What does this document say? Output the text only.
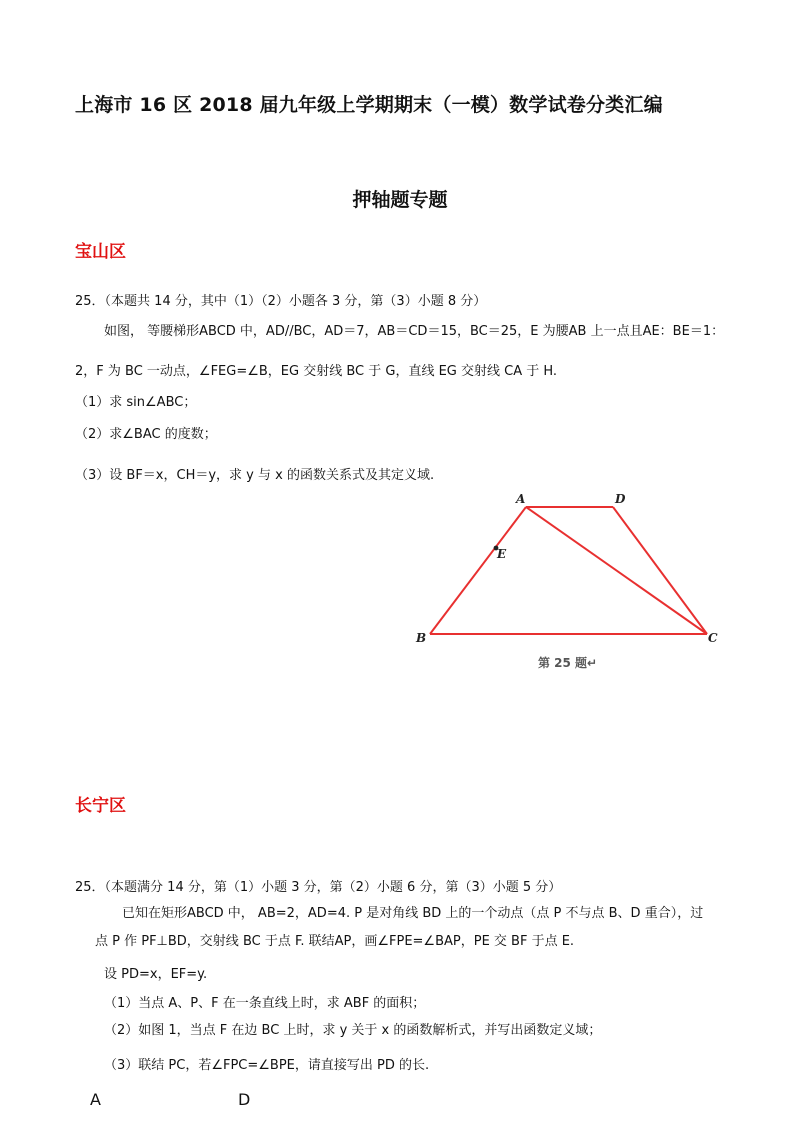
上海市 16 区 2018 届九年级上学期期末（一模）数学试卷分类汇编
押轴题专题
宝山区
25．（本题共 14 分，其中（1）（2）小题各 3 分，第（3）小题 8 分）
如图， 等腰梯形ABCD 中，AD//BC，AD＝7，AB＝CD＝15，BC＝25，E 为腰AB 上一点且AE：BE＝1：
2，F 为 BC 一动点，∠FEG=∠B，EG 交射线 BC 于 G，直线 EG 交射线 CA 于 H.
（1）求 sin∠ABC；
（2）求∠BAC 的度数；
（3）设 BF＝x，CH＝y，求 y 与 x 的函数关系式及其定义域.
A	D
E
B	C
第 25 题↵
长宁区
25．（本题满分 14 分，第（1）小题 3 分，第（2）小题 6 分，第（3）小题 5 分）
已知在矩形ABCD 中， AB=2，AD=4. P 是对角线 BD 上的一个动点（点 P 不与点 B、D 重合），过
点 P 作 PF⊥BD，交射线 BC 于点 F. 联结AP，画∠FPE=∠BAP，PE 交 BF 于点 E.
设 PD=x，EF=y.
（1）当点 A、P、F 在一条直线上时，求 ABF 的面积；
（2）如图 1，当点 F 在边 BC 上时，求 y 关于 x 的函数解析式，并写出函数定义域；
（3）联结 PC，若∠FPC=∠BPE，请直接写出 PD 的长.
A	D
